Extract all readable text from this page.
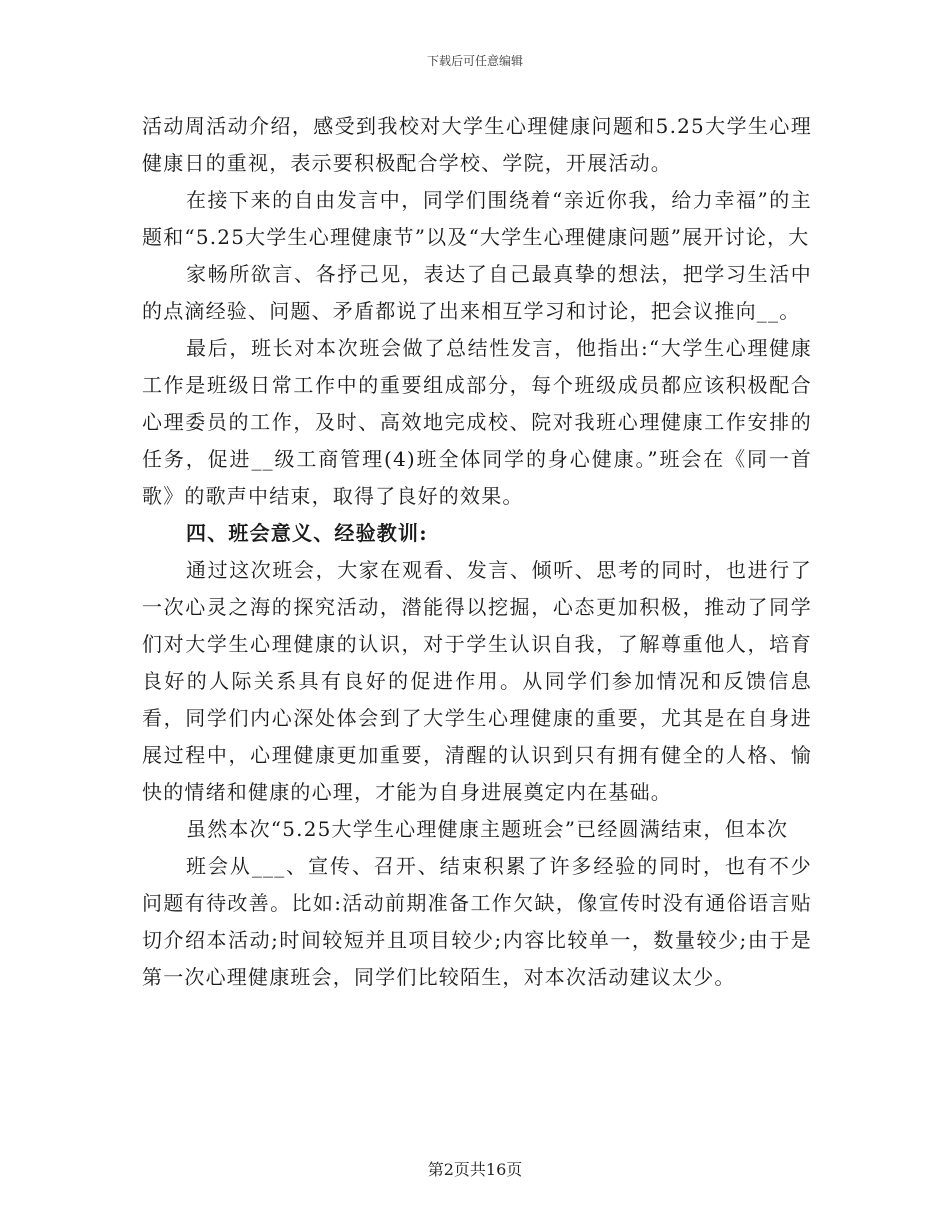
下载后可任意编辑

活动周活动介绍，感受到我校对大学生心理健康问题和5.25大学生心理健康日的重视，表示要积极配合学校、学院，开展活动。

在接下来的自由发言中，同学们围绕着“亲近你我，给力幸福”的主题和“5.25大学生心理健康节”以及“大学生心理健康问题”展开讨论，大

家畅所欲言、各抒己见，表达了自己最真挚的想法，把学习生活中的点滴经验、问题、矛盾都说了出来相互学习和讨论，把会议推向__。

最后，班长对本次班会做了总结性发言，他指出:“大学生心理健康工作是班级日常工作中的重要组成部分，每个班级成员都应该积极配合心理委员的工作，及时、高效地完成校、院对我班心理健康工作安排的任务，促进__级工商管理(4)班全体同学的身心健康。”班会在《同一首歌》的歌声中结束，取得了良好的效果。

四、班会意义、经验教训:

通过这次班会，大家在观看、发言、倾听、思考的同时，也进行了一次心灵之海的探究活动，潜能得以挖掘，心态更加积极，推动了同学们对大学生心理健康的认识，对于学生认识自我，了解尊重他人，培育良好的人际关系具有良好的促进作用。从同学们参加情况和反馈信息看，同学们内心深处体会到了大学生心理健康的重要，尤其是在自身进展过程中，心理健康更加重要，清醒的认识到只有拥有健全的人格、愉快的情绪和健康的心理，才能为自身进展奠定内在基础。

虽然本次“5.25大学生心理健康主题班会”已经圆满结束，但本次

班会从___、宣传、召开、结束积累了许多经验的同时，也有不少问题有待改善。比如:活动前期准备工作欠缺，像宣传时没有通俗语言贴切介绍本活动;时间较短并且项目较少;内容比较单一，数量较少;由于是第一次心理健康班会，同学们比较陌生，对本次活动建议太少。

第2页共16页
